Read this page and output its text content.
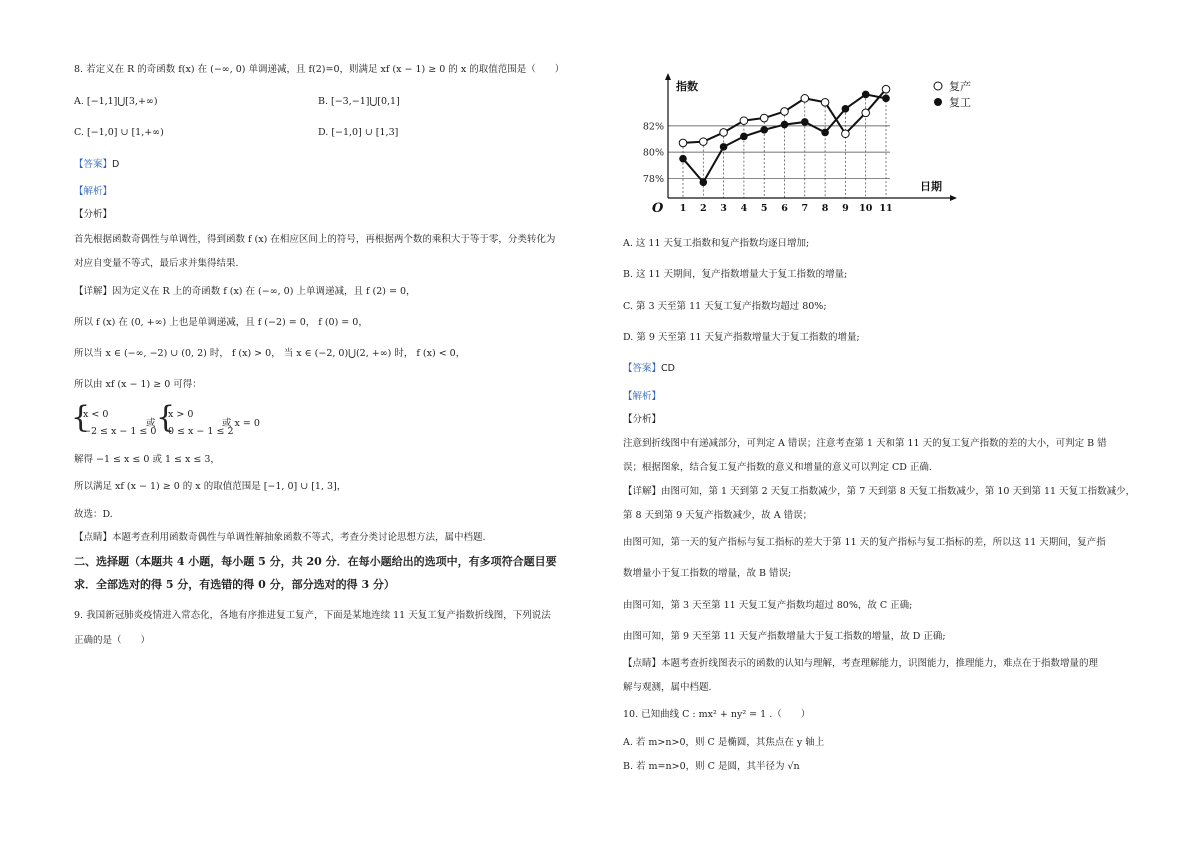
8. 若定义在 R 的奇函数 f(x) 在 (−∞, 0) 单调递减，且 f(2)=0，则满足 xf (x − 1) ≥ 0 的 x 的取值范围是（　　）
A. [−1,1]⋃[3,+∞)	B. [−3,−1]⋃[0,1]
C. [−1,0] ∪ [1,+∞)	D. [−1,0] ∪ [1,3]
【答案】D
【解析】
【分析】
首先根据函数奇偶性与单调性，得到函数 f (x) 在相应区间上的符号，再根据两个数的乘积大于等于零，分类转化为
对应自变量不等式，最后求并集得结果.
【详解】因为定义在 R 上的奇函数 f (x) 在 (−∞, 0) 上单调递减，且 f (2) = 0，
所以 f (x) 在 (0, +∞) 上也是单调递减，且 f (−2) = 0， f (0) = 0，
所以当 x ∈ (−∞, −2) ∪ (0, 2) 时， f (x) > 0， 当 x ∈ (−2, 0)⋃(2, +∞) 时， f (x) < 0，
所以由 xf (x − 1) ≥ 0 可得：
{
x < 0
−2 ≤ x − 1 ≤ 0
或 {
x > 0
0 ≤ x − 1 ≤ 2
或 x = 0
解得 −1 ≤ x ≤ 0 或 1 ≤ x ≤ 3，
所以满足 xf (x − 1) ≥ 0 的 x 的取值范围是 [−1, 0] ∪ [1, 3]，
故选：D.
【点睛】本题考查利用函数奇偶性与单调性解抽象函数不等式，考查分类讨论思想方法，属中档题.
二、选择题（本题共 4 小题，每小题 5 分，共 20 分．在每小题给出的选项中，有多项符合题目要
求．全部选对的得 5 分，有选错的得 0 分，部分选对的得 3 分）
9. 我国新冠肺炎疫情进入常态化，各地有序推进复工复产，下面是某地连续 11 天复工复产指数折线图，下列说法
正确的是（　　）
78%
80%
82%
1 2 3 4 5 6 7 8 9 10 11
指数
日期
O
复产
复工
A. 这 11 天复工指数和复产指数均逐日增加;
B. 这 11 天期间，复产指数增量大于复工指数的增量;
C. 第 3 天至第 11 天复工复产指数均超过 80%;
D. 第 9 天至第 11 天复产指数增量大于复工指数的增量;
【答案】CD
【解析】
【分析】
注意到折线图中有递减部分，可判定 A 错误；注意考查第 1 天和第 11 天的复工复产指数的差的大小，可判定 B 错
误；根据图象，结合复工复产指数的意义和增量的意义可以判定 CD 正确.
【详解】由图可知，第 1 天到第 2 天复工指数减少，第 7 天到第 8 天复工指数减少，第 10 天到第 11 天复工指数减少，
第 8 天到第 9 天复产指数减少，故 A 错误；
由图可知，第一天的复产指标与复工指标的差大于第 11 天的复产指标与复工指标的差，所以这 11 天期间，复产指
数增量小于复工指数的增量，故 B 错误;
由图可知，第 3 天至第 11 天复工复产指数均超过 80%，故 C 正确;
由图可知，第 9 天至第 11 天复产指数增量大于复工指数的增量，故 D 正确;
【点睛】本题考查折线图表示的函数的认知与理解，考查理解能力，识图能力，推理能力，难点在于指数增量的理
解与观测，属中档题.
10. 已知曲线 C : mx² + ny² = 1 .（　　）
A. 若 m>n>0，则 C 是椭圆，其焦点在 y 轴上
B. 若 m=n>0，则 C 是圆，其半径为 √n
